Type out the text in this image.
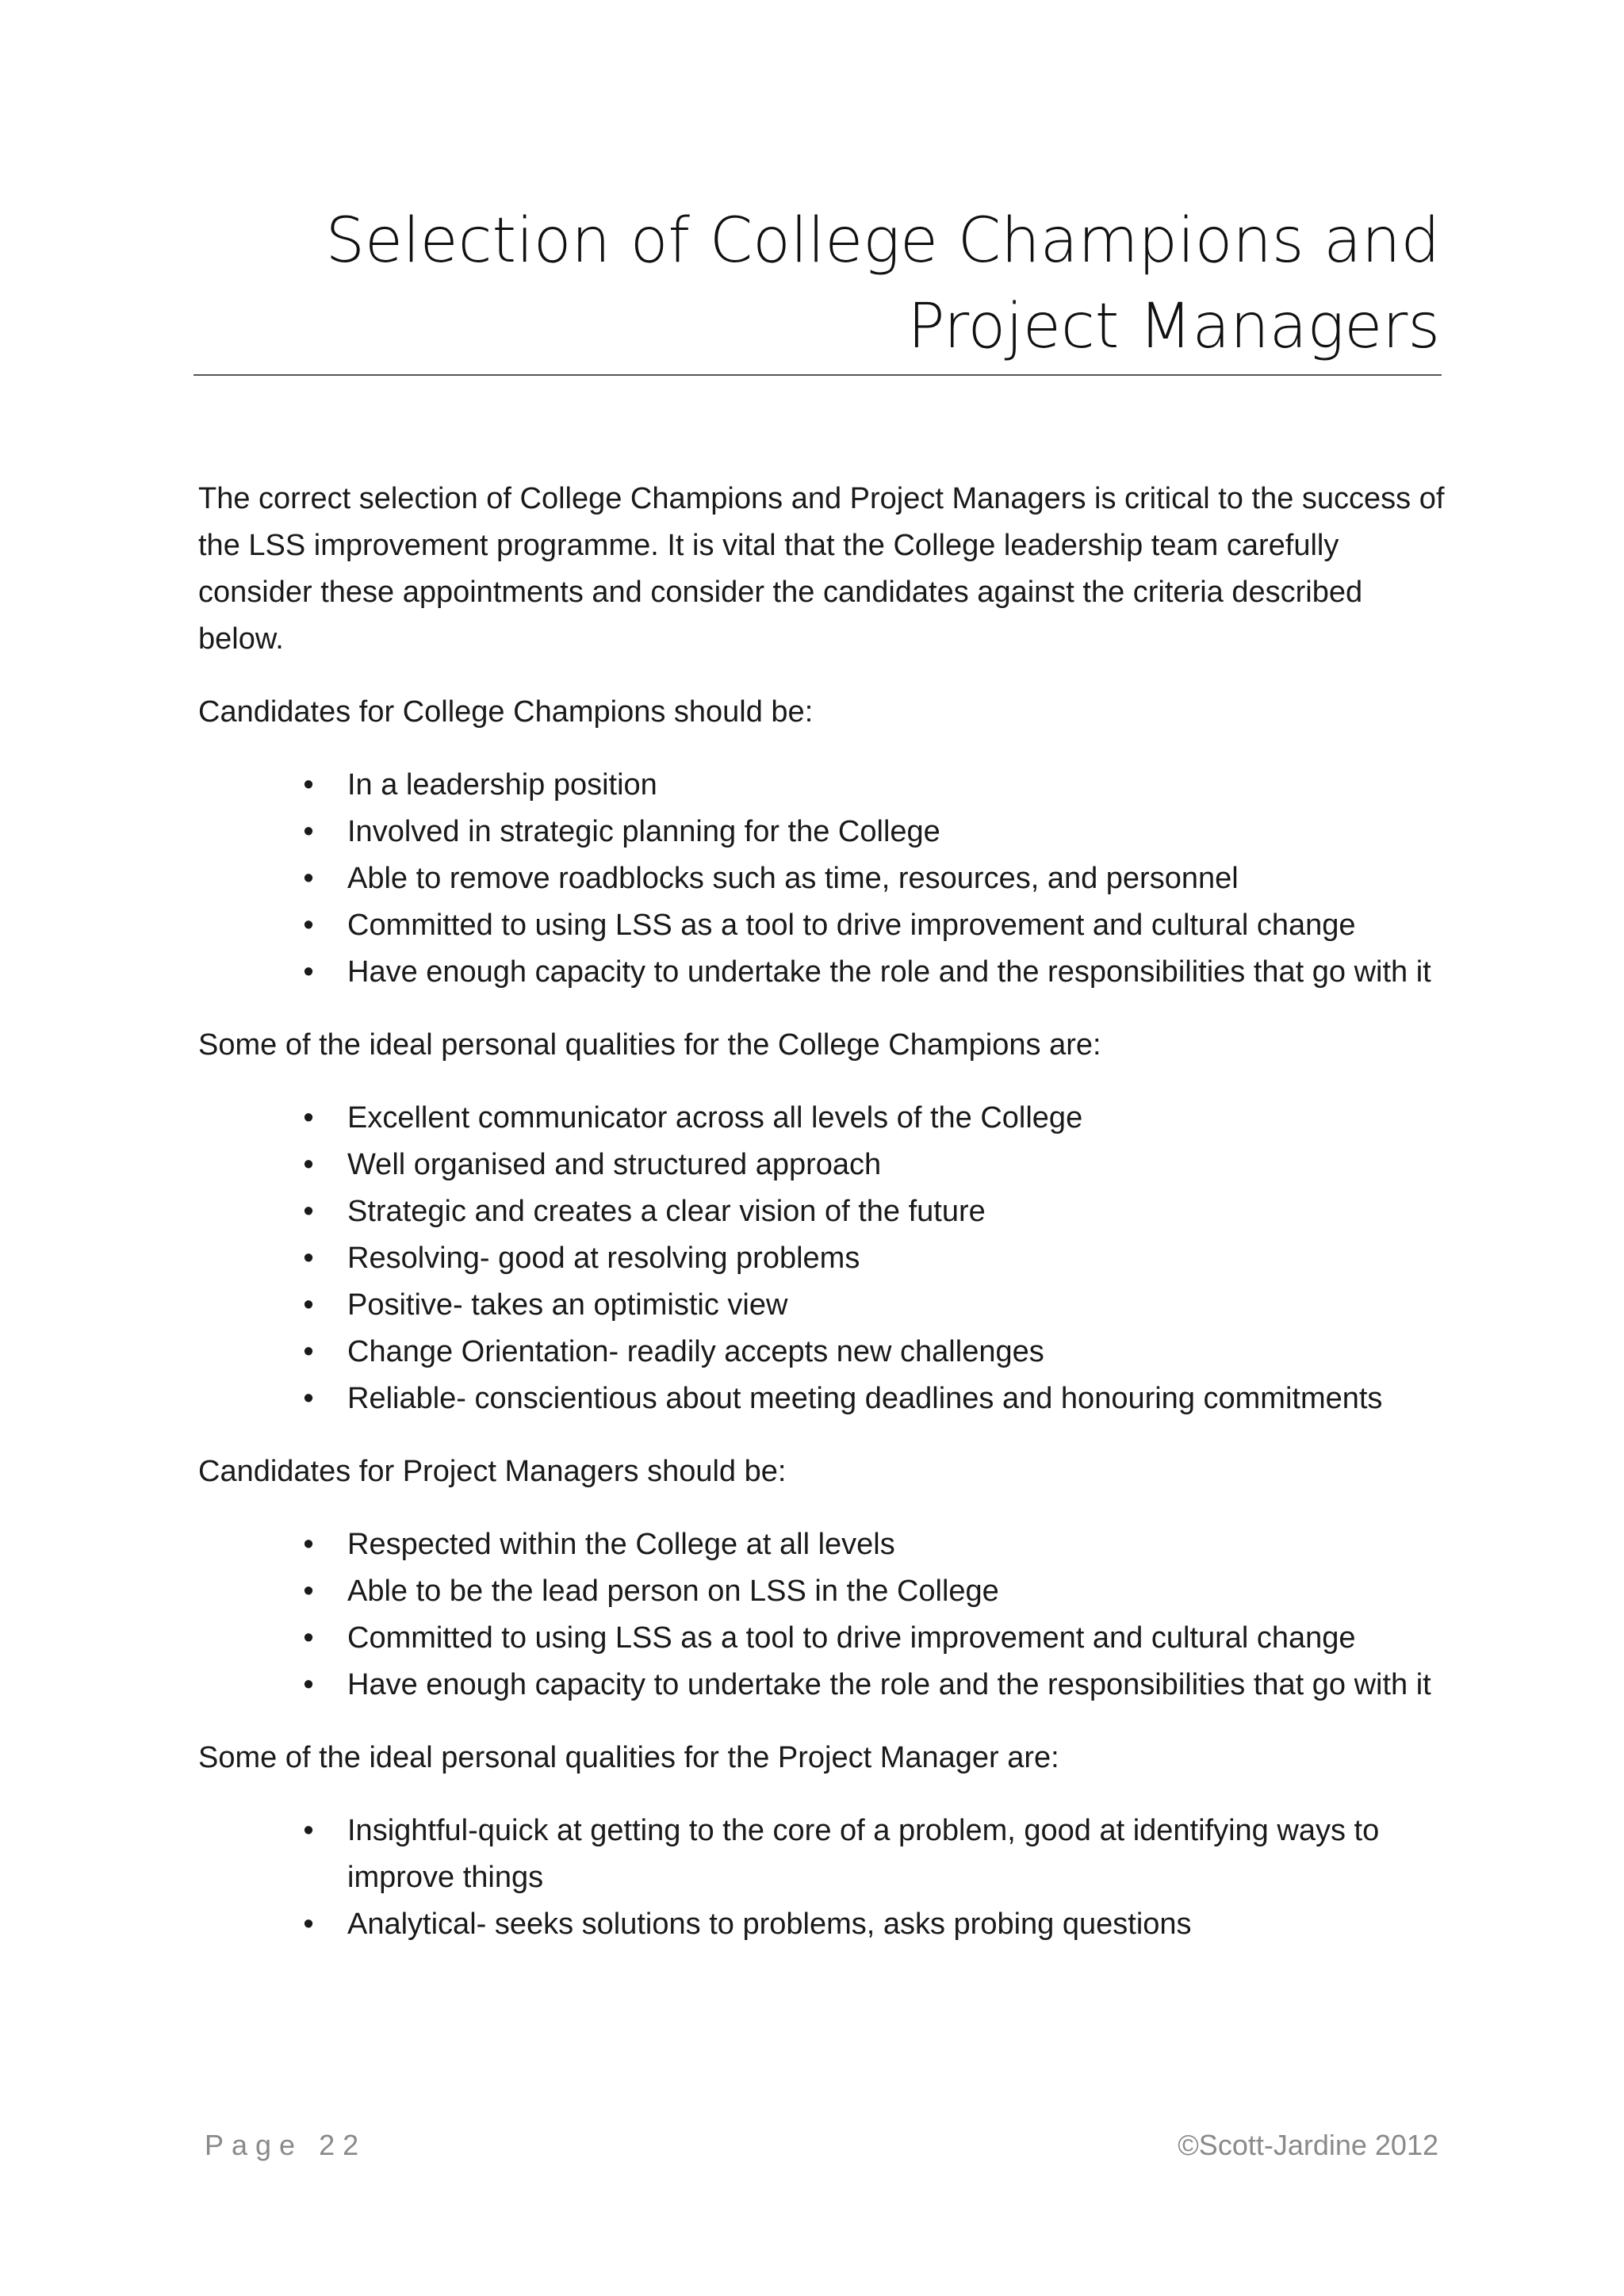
Selection of College Champions and
Project Managers

The correct selection of College Champions and Project Managers is critical to the success of the LSS improvement programme. It is vital that the College leadership team carefully consider these appointments and consider the candidates against the criteria described below.

Candidates for College Champions should be:

• In a leadership position
• Involved in strategic planning for the College
• Able to remove roadblocks such as time, resources, and personnel
• Committed to using LSS as a tool to drive improvement and cultural change
• Have enough capacity to undertake the role and the responsibilities that go with it

Some of the ideal personal qualities for the College Champions are:

• Excellent communicator across all levels of the College
• Well organised and structured approach
• Strategic and creates a clear vision of the future
• Resolving- good at resolving problems
• Positive- takes an optimistic view
• Change Orientation- readily accepts new challenges
• Reliable- conscientious about meeting deadlines and honouring commitments

Candidates for Project Managers should be:

• Respected within the College at all levels
• Able to be the lead person on LSS in the College
• Committed to using LSS as a tool to drive improvement and cultural change
• Have enough capacity to undertake the role and the responsibilities that go with it

Some of the ideal personal qualities for the Project Manager are:

• Insightful-quick at getting to the core of a problem, good at identifying ways to improve things
• Analytical- seeks solutions to problems, asks probing questions
Page 22	©Scott-Jardine 2012
